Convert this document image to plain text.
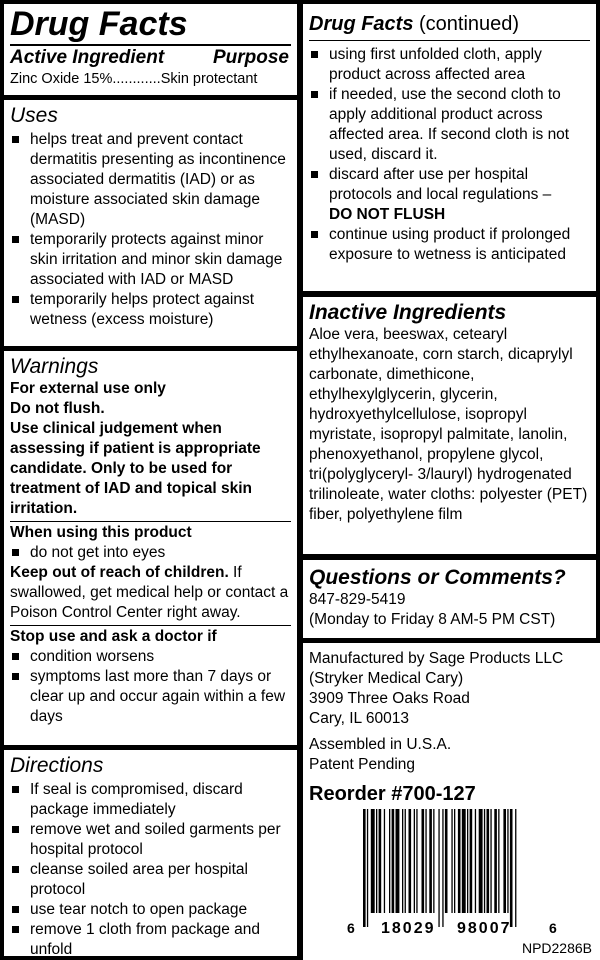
Drug Facts
Active Ingredient	Purpose
Zinc Oxide 15%............Skin protectant
Uses
helps treat and prevent contact dermatitis presenting as incontinence associated dermatitis (IAD) or as moisture associated skin damage (MASD)
temporarily protects against minor skin irritation and minor skin damage associated with IAD or MASD
temporarily helps protect against wetness (excess moisture)
Warnings
For external use only
Do not flush.
Use clinical judgement when assessing if patient is appropriate candidate. Only to be used for treatment of IAD and topical skin irritation.
When using this product
do not get into eyes
Keep out of reach of children. If swallowed, get medical help or contact a Poison Control Center right away.
Stop use and ask a doctor if
condition worsens
symptoms last more than 7 days or clear up and occur again within a few days
Directions
If seal is compromised, discard package immediately
remove wet and soiled garments per hospital protocol
cleanse soiled area per hospital protocol
use tear notch to open package
remove 1 cloth from package and unfold
Drug Facts (continued)
using first unfolded cloth, apply product across affected area
if needed, use the second cloth to apply additional product across affected area. If second cloth is not used, discard it.
discard after use per hospital protocols and local regulations –
DO NOT FLUSH
continue using product if prolonged exposure to wetness is anticipated
Inactive Ingredients
Aloe vera, beeswax, cetearyl ethylhexanoate, corn starch, dicaprylyl carbonate, dimethicone, ethylhexylglycerin, glycerin, hydroxyethylcellulose, isopropyl myristate, isopropyl palmitate, lanolin, phenoxyethanol, propylene glycol, tri(polyglyceryl- 3/lauryl) hydrogenated trilinoleate, water cloths: polyester (PET) fiber, polyethylene film
Questions or Comments?
847-829-5419
(Monday to Friday 8 AM-5 PM CST)
Manufactured by Sage Products LLC
(Stryker Medical Cary)
3909 Three Oaks Road
Cary, IL 60013
Assembled in U.S.A.
Patent Pending
Reorder #700-127
6 18029 98007	6
NPD2286B
